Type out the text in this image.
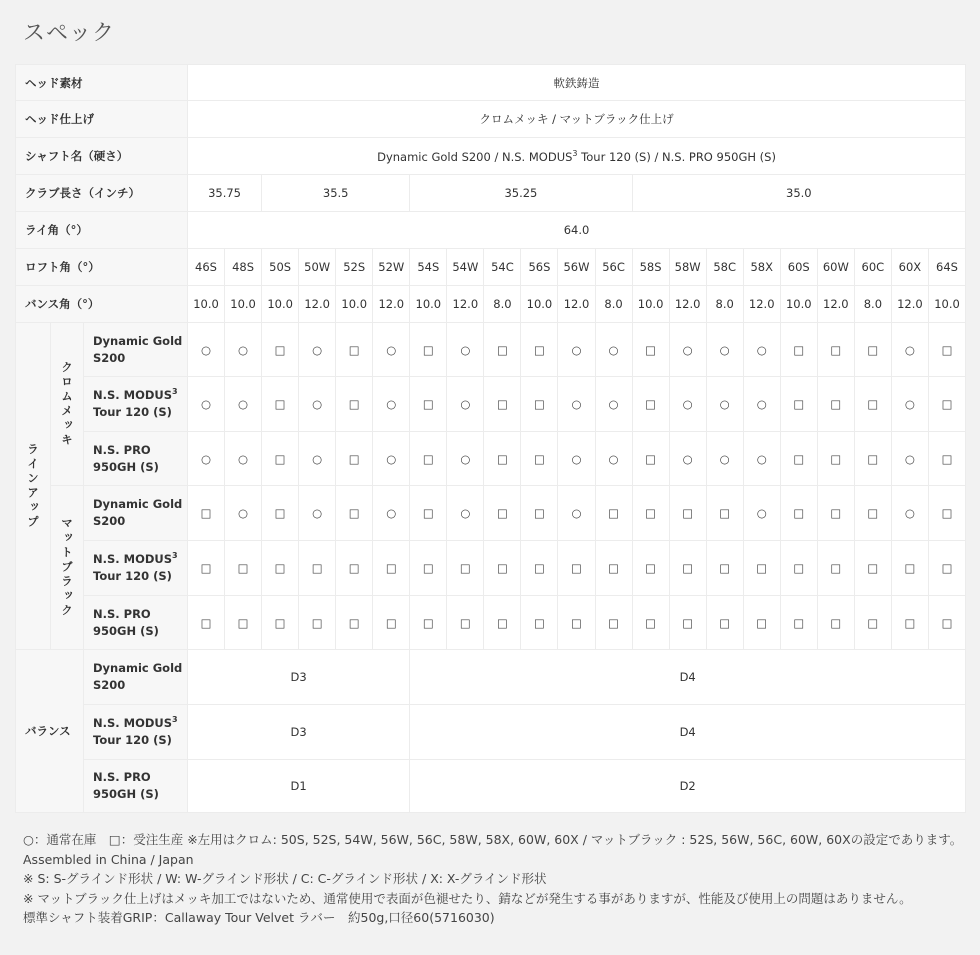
スペック
ヘッド素材			軟鉄鋳造																				
ヘッド仕上げ			クロムメッキ / マットブラック仕上げ																				
シャフト名（硬さ）			Dynamic Gold S200 / N.S. MODUS$^3$ Tour 120 (S) / N.S. PRO 950GH (S)																				
クラブ長さ（インチ）			35.75		35.5				35.25						35.0								
ライ角（°）			64.0																				
ロフト角（°）			46S	48S	50S	50W	52S	52W	54S	54W	54C	56S	56W	56C	58S	58W	58C	58X	60S	60W	60C	60X	64S
バンス角（°）			10.0	10.0	10.0	12.0	10.0	12.0	10.0	12.0	8.0	10.0	12.0	8.0	10.0	12.0	8.0	12.0	10.0	12.0	8.0	12.0	10.0
ラインアップ	クロムメッキ	Dynamic Gold
S200	○	○	□	○	□	○	□	○	□	□	○	○	□	○	○	○	□	□	□	○	□
		N.S. MODUS$^3$
Tour 120 (S)	○	○	□	○	□	○	□	○	□	□	○	○	□	○	○	○	□	□	□	○	□
		N.S. PRO
950GH (S)	○	○	□	○	□	○	□	○	□	□	○	○	□	○	○	○	□	□	□	○	□
	マットブラック	Dynamic Gold
S200	□	○	□	○	□	○	□	○	□	□	○	□	□	□	□	○	□	□	□	○	□
		N.S. MODUS$^3$
Tour 120 (S)	□	□	□	□	□	□	□	□	□	□	□	□	□	□	□	□	□	□	□	□	□
		N.S. PRO
950GH (S)	□	□	□	□	□	□	□	□	□	□	□	□	□	□	□	□	□	□	□	□	□
バランス		Dynamic Gold
S200	D3						D4														
		N.S. MODUS$^3$
Tour 120 (S)	D3						D4														
		N.S. PRO
950GH (S)	D1						D2														
○：通常在庫　□：受注生産 ※左用はクロム: 50S, 52S, 54W, 56W, 56C, 58W, 58X, 60W, 60X / マットブラック : 52S, 56W, 56C, 60W, 60Xの設定であります。
Assembled in China / Japan
※ S: S-グラインド形状 / W: W-グラインド形状 / C: C-グラインド形状 / X: X-グラインド形状
※ マットブラック仕上げはメッキ加工ではないため、通常使用で表面が色褪せたり、錆などが発生する事がありますが、性能及び使用上の問題はありません。
標準シャフト装着GRIP：Callaway Tour Velvet ラバー　約50g,口径60(5716030)
